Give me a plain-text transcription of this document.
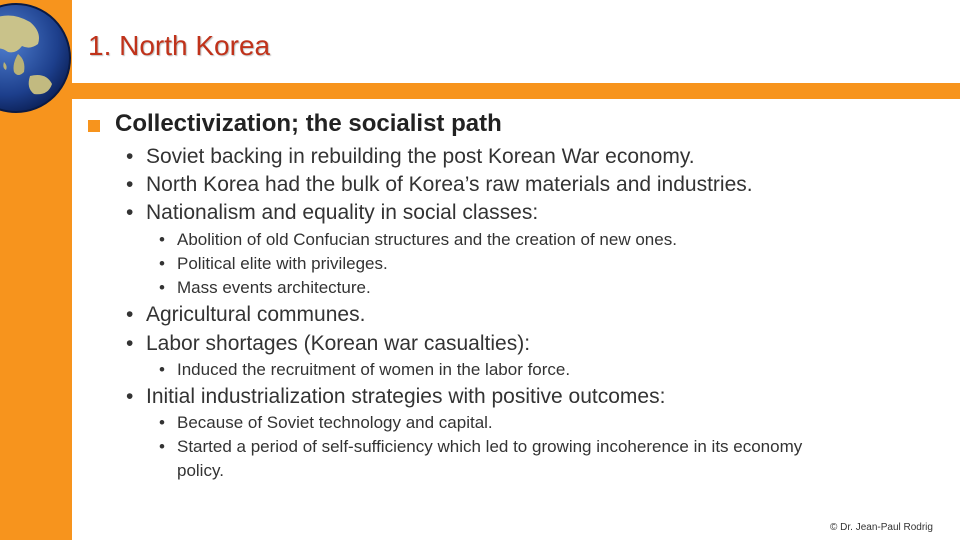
1. North Korea
Collectivization; the socialist path
• Soviet backing in rebuilding the post Korean War economy.
• North Korea had the bulk of Korea’s raw materials and industries.
• Nationalism and equality in social classes:
• Abolition of old Confucian structures and the creation of new ones.
• Political elite with privileges.
• Mass events architecture.
• Agricultural communes.
• Labor shortages (Korean war casualties):
• Induced the recruitment of women in the labor force.
• Initial industrialization strategies with positive outcomes:
• Because of Soviet technology and capital.
• Started a period of self-sufficiency which led to growing incoherence in its economy
policy.
© Dr. Jean-Paul Rodrig
